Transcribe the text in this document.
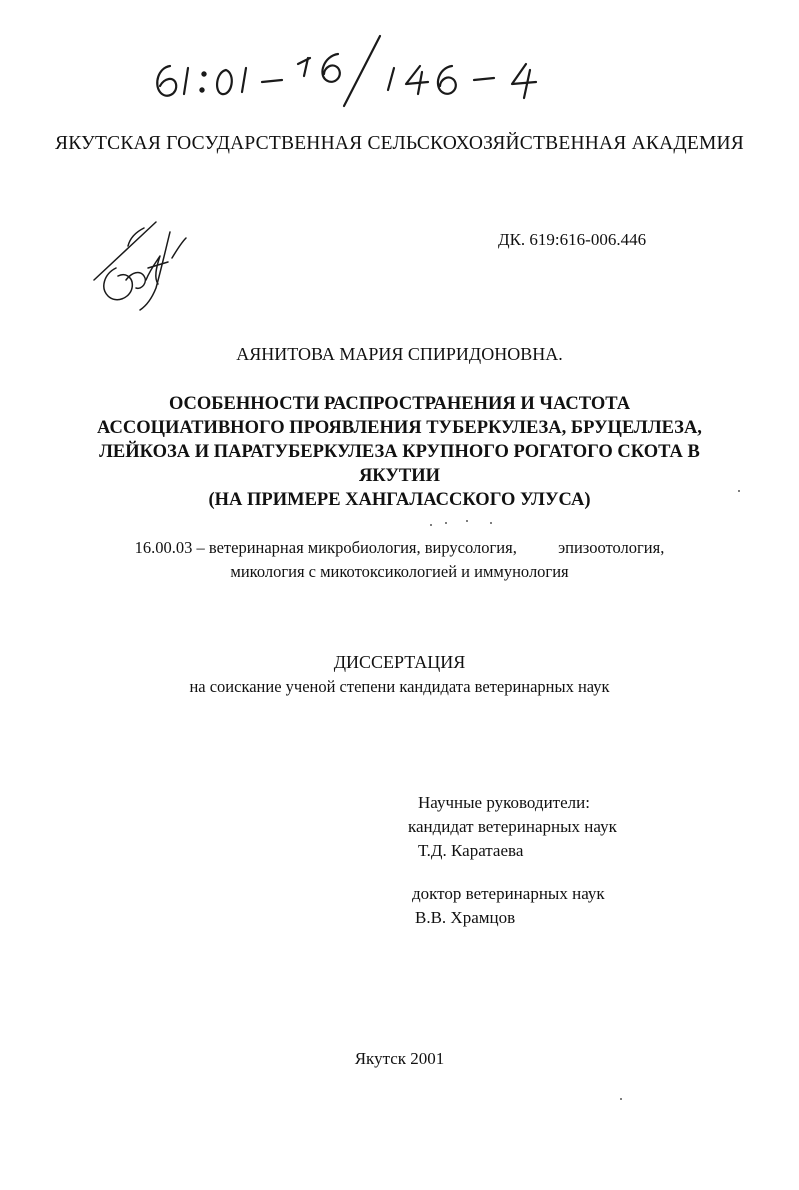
ЯКУТСКАЯ ГОСУДАРСТВЕННАЯ СЕЛЬСКОХОЗЯЙСТВЕННАЯ АКАДЕМИЯ
ДК. 619:616-006.446
АЯНИТОВА МАРИЯ СПИРИДОНОВНА.
ОСОБЕННОСТИ РАСПРОСТРАНЕНИЯ И ЧАСТОТА
АССОЦИАТИВНОГО ПРОЯВЛЕНИЯ ТУБЕРКУЛЕЗА, БРУЦЕЛЛЕЗА,
ЛЕЙКОЗА И ПАРАТУБЕРКУЛЕЗА КРУПНОГО РОГАТОГО СКОТА В
ЯКУТИИ
(НА ПРИМЕРЕ ХАНГАЛАССКОГО УЛУСА)
16.00.03 – ветеринарная микробиология, вирусология,          эпизоотология,
микология с микотоксикологией и иммунология
ДИССЕРТАЦИЯ
на соискание ученой степени кандидата ветеринарных наук
Научные руководители:
кандидат ветеринарных наук
Т.Д. Каратаева
доктор ветеринарных наук
В.В. Храмцов
Якутск 2001
